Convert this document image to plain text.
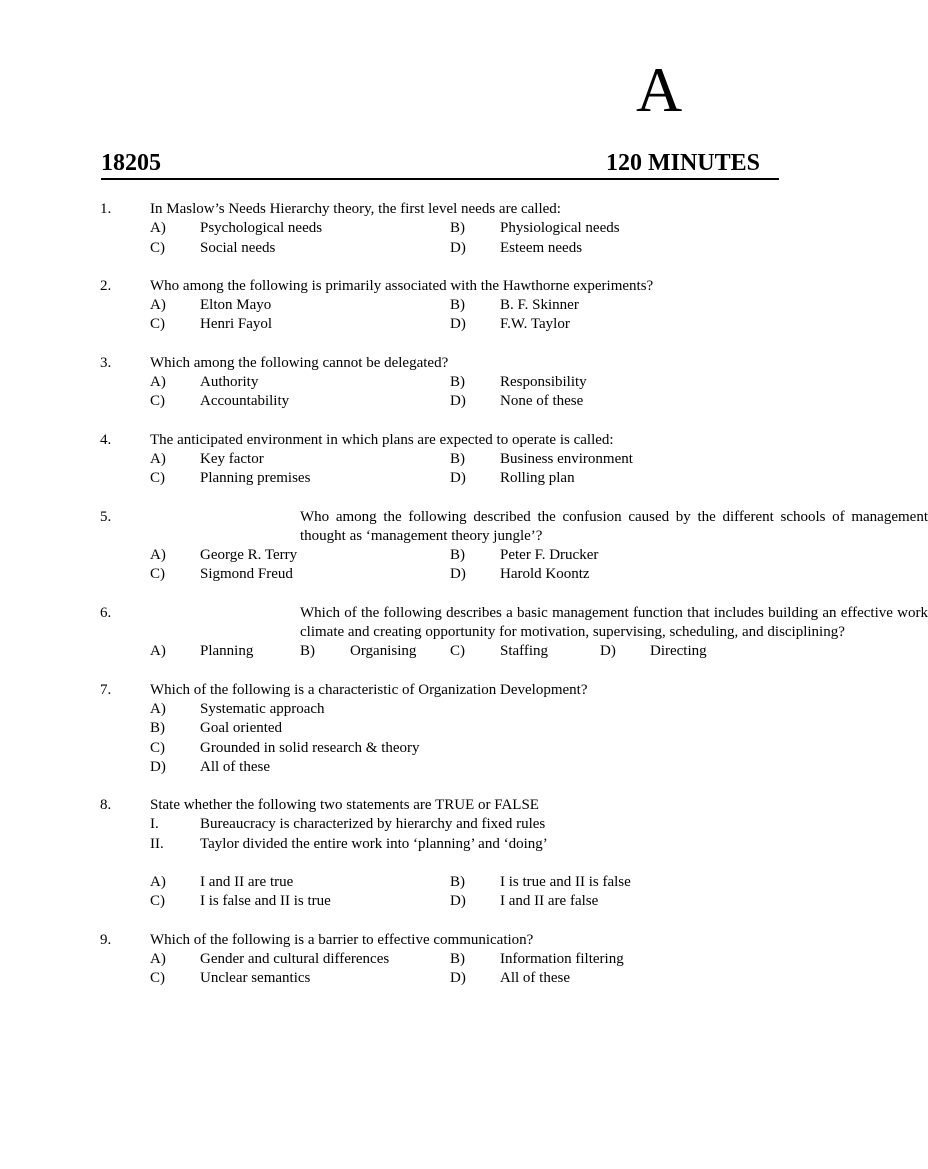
A
18205	120 MINUTES
1.	In Maslow’s Needs Hierarchy theory, the first level needs are called:
A) Psychological needs	B) Physiological needs
C) Social needs	D) Esteem needs
2.	Who among the following is primarily associated with the Hawthorne experiments?
A) Elton Mayo	B) B. F. Skinner
C) Henri Fayol	D) F.W. Taylor
3.	Which among the following cannot be delegated?
A) Authority	B) Responsibility
C) Accountability	D) None of these
4.	The anticipated environment in which plans are expected to operate is called:
A) Key factor	B) Business environment
C) Planning premises	D) Rolling plan
5.	Who among the following described the confusion caused by the different schools of management thought as ‘management theory jungle’?
A) George R. Terry	B) Peter F. Drucker
C) Sigmond Freud	D) Harold Koontz
6.	Which of the following describes a basic management function that includes building an effective work climate and creating opportunity for motivation, supervising, scheduling, and disciplining?
A) Planning	B) Organising C) Staffing	D) Directing
7.	Which of the following is a characteristic of Organization Development?
A) Systematic approach
B) Goal oriented
C) Grounded in solid research & theory
D) All of these
8.	State whether the following two statements are TRUE or FALSE
I.	Bureaucracy is characterized by hierarchy and fixed rules
II. Taylor divided the entire work into ‘planning’ and ‘doing’
A) I and II are true	B) I is true and II is false
C) I is false and II is true	D) I and II are false
9.	Which of the following is a barrier to effective communication?
A) Gender and cultural differences	B) Information filtering
C) Unclear semantics	D) All of these
